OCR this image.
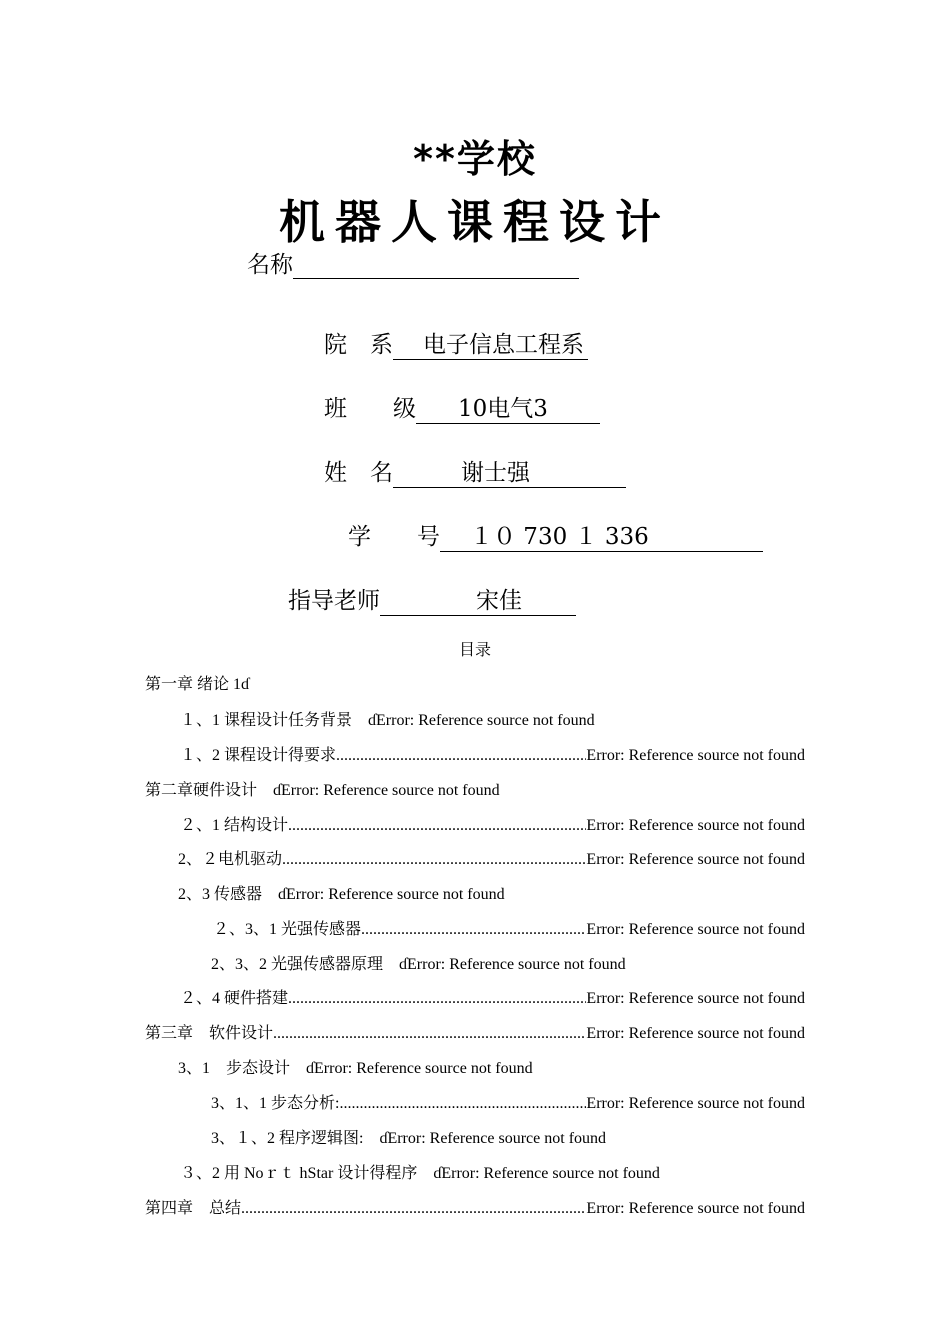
**学校
机器人课程设计
名称
院　系 电子信息工程系
班　　级 10电气3
姓　名	谢士强
学　　号 １０ 730 １ 336
指导老师	宋佳
目录
第一章 绪论 1ɗ
１、1 课程设计任务背景　ɗError: Reference source not found
１、2 课程设计得要求 .....	Error: Reference source not found
第二章硬件设计　ɗError: Reference source not found
２、1 结构设计 .....	Error: Reference source not found
2、２电机驱动 .....	Error: Reference source not found
2、3 传感器　ɗError: Reference source not found
２、3、1 光强传感器 .....	Error: Reference source not found
2、3、2 光强传感器原理　ɗError: Reference source not found
２、4 硬件搭建 .....	Error: Reference source not found
第三章　软件设计 .....	Error: Reference source not found
3、1　步态设计　ɗError: Reference source not found
3、1、1 步态分析: .....	Error: Reference source not found
3、１、2 程序逻辑图:　ɗError: Reference source not found
３、2 用 Noｒｔ hStar 设计得程序　ɗError: Reference source not found
第四章　总结 .....	Error: Reference source not found
